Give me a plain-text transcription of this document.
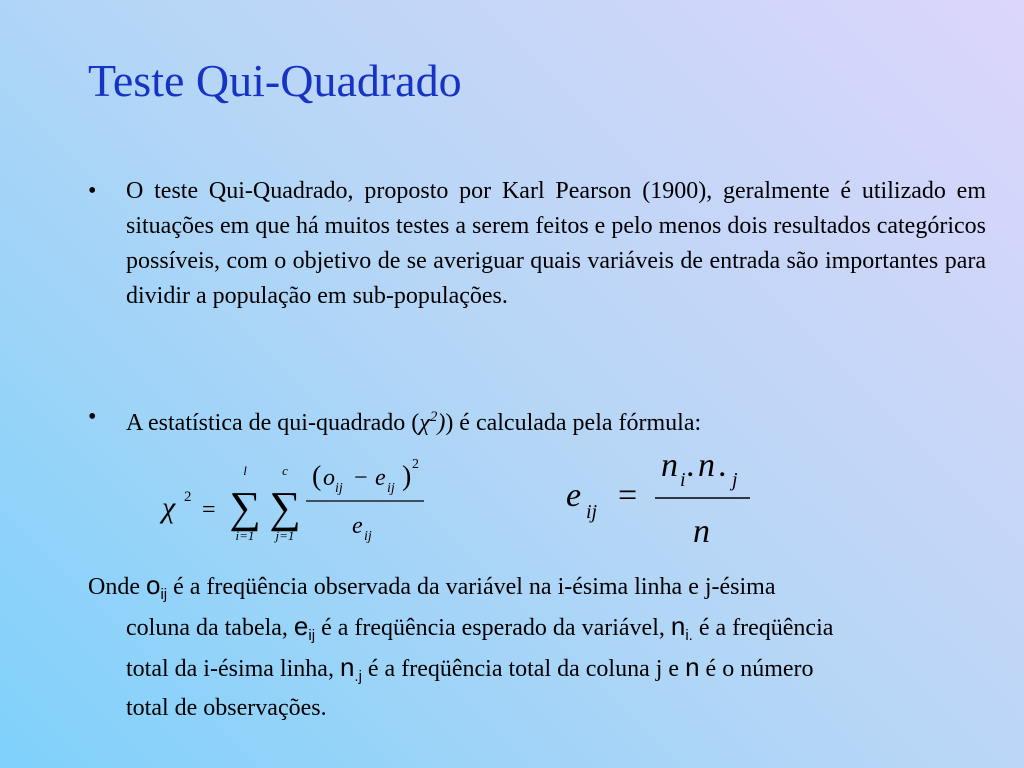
Teste Qui-Quadrado
•	O teste Qui-Quadrado, proposto por Karl Pearson (1900), geralmente é utilizado em situações em que há muitos testes a serem feitos e pelo menos dois resultados categóricos possíveis, com o objetivo de se averiguar quais variáveis de entrada são importantes para dividir a população em sub-populações.
•	A estatística de qui-quadrado $(\chi^2)$) é calculada pela fórmula:
χ 2 =
l
∑
i=1
c
∑
j=1
( o ij − e ij ) 2
e ij
e ij =
n i . n . j
n
Onde $o_{ij}$ é a freqüência observada da variável na i-ésima linha e j-ésima
coluna da tabela, $e_{ij}$ é a freqüência esperado da variável, $n_{i.}$ é a freqüência
total da i-ésima linha, $n_{.j}$ é a freqüência total da coluna j e n é o número
total de observações.
